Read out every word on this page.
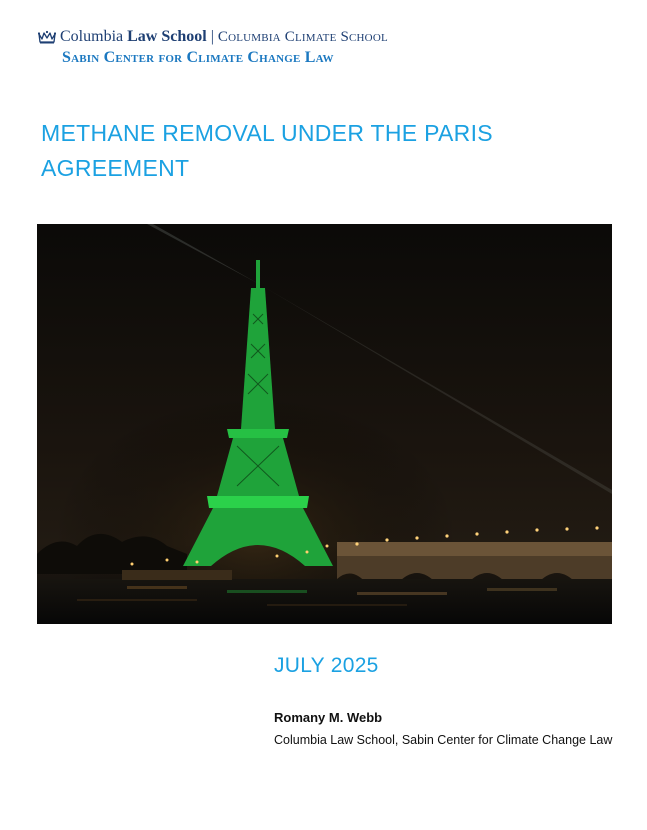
Columbia Law School | Columbia Climate School
Sabin Center for Climate Change Law
METHANE REMOVAL UNDER THE PARIS
AGREEMENT
JULY 2025
Romany M. Webb
Columbia Law School, Sabin Center for Climate Change Law
